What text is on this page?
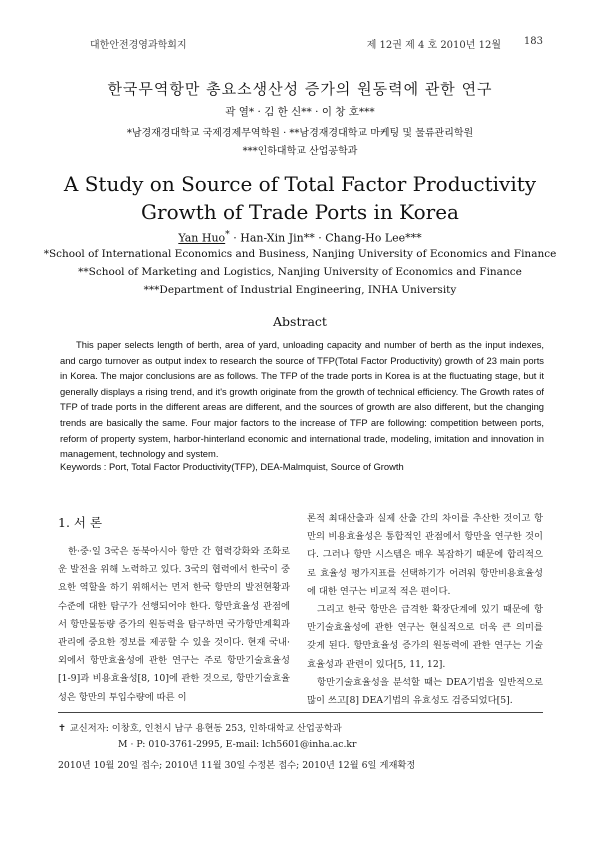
대한안전경영과학회지	제 12권 제 4 호 2010년 12월 183
한국무역항만 총요소생산성 증가의 원동력에 관한 연구
곽 열* · 김 한 신** · 이 창 호***
*남경재경대학교 국제경제무역학원 · **남경재경대학교 마케팅 및 물류관리학원
***인하대학교 산업공학과
A Study on Source of Total Factor Productivity Growth of Trade Ports in Korea
Yan Huo* · Han-Xin Jin** · Chang-Ho Lee***
*School of International Economics and Business, Nanjing University of Economics and Finance
**School of Marketing and Logistics, Nanjing University of Economics and Finance
***Department of Industrial Engineering, INHA University
Abstract
This paper selects length of berth, area of yard, unloading capacity and number of berth as the input indexes, and cargo turnover as output index to research the source of TFP(Total Factor Productivity) growth of 23 main ports in Korea. The major conclusions are as follows. The TFP of the trade ports in Korea is at the fluctuating stage, but it generally displays a rising trend, and it's growth originate from the growth of technical efficiency. The Growth rates of TFP of trade ports in the different areas are different, and the sources of growth are also different, but the changing trends are basically the same. Four major factors to the increase of TFP are following: competition between ports, reform of property system, harbor-hinterland economic and international trade, modeling, imitation and innovation in management, technology and system.
Keywords : Port, Total Factor Productivity(TFP), DEA-Malmquist, Source of Growth
1. 서 론

한·중·일 3국은 동북아시아 항만 간 협력강화와 조화로운 발전을 위해 노력하고 있다. 3국의 협력에서 한국이 중요한 역할을 하기 위해서는 먼저 한국 항만의 발전현황과 수준에 대한 탐구가 선행되어야 한다. 항만효율성 관점에서 항만물동량 증가의 원동력을 탐구하면 국가항만계획과 관리에 중요한 정보를 제공할 수 있을 것이다. 현재 국내·외에서 항만효율성에 관한 연구는 주로 항만기술효율성[1-9]과 비용효율성[8, 10]에 관한 것으로, 항만기술효율성은 항만의 투입수량에 따른 이

론적 최대산출과 실제 산출 간의 차이를 추산한 것이고 항만의 비용효율성은 통합적인 관점에서 항만을 연구한 것이다. 그러나 항만 시스템은 매우 복잡하기 때문에 합리적으로 효율성 평가지표를 선택하기가 어려워 항만비용효율성에 대한 연구는 비교적 적은 편이다.

그리고 한국 항만은 급격한 확장단계에 있기 때문에 항만기술효율성에 관한 연구는 현실적으로 더욱 큰 의미를 갖게 된다. 항만효율성 증가의 원동력에 관한 연구는 기술효율성과 관련이 있다[5, 11, 12].

항만기술효율성을 분석할 때는 DEA기법을 일반적으로 많이 쓰고[8] DEA기법의 유효성도 검증되었다[5].

✝ 교신저자: 이창호, 인천시 남구 용현동 253, 인하대학교 산업공학과
M · P: 010-3761-2995, E-mail: lch5601@inha.ac.kr
2010년 10월 20일 접수; 2010년 11월 30일 수정본 접수; 2010년 12월 6일 게재확정
